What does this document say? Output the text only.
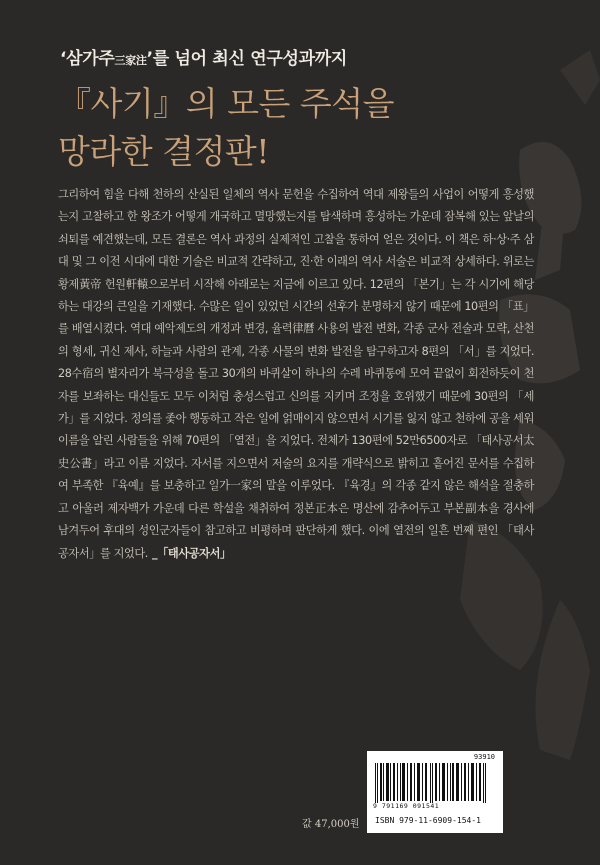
‘삼가주三家注’를 넘어 최신 연구성과까지
『사기』의 모든 주석을
망라한 결정판!
그리하여 힘을 다해 천하의 산실된 일체의 역사 문헌을 수집하여 역대 제왕들의 사업이 어떻게 흥성했는지 고찰하고 한 왕조가 어떻게 개국하고 멸망했는지를 탐색하며 흥성하는 가운데 잠복해 있는 앞날의 쇠퇴를 예견했는데, 모든 결론은 역사 과정의 실제적인 고찰을 통하여 얻은 것이다. 이 책은 하·상·주 삼대 및 그 이전 시대에 대한 기술은 비교적 간략하고, 진·한 이래의 역사 서술은 비교적 상세하다. 위로는 황제黃帝 헌원軒轅으로부터 시작해 아래로는 지금에 이르고 있다. 12편의 「본기」는 각 시기에 해당하는 대강의 큰일을 기재했다. 수많은 일이 있었던 시간의 선후가 분명하지 않기 때문에 10편의 「표」를 배열시켰다. 역대 예악제도의 개정과 변경, 율력律曆 사용의 발전 변화, 각종 군사 전술과 모략, 산천의 형세, 귀신 제사, 하늘과 사람의 관계, 각종 사물의 변화 발전을 탐구하고자 8편의 「서」를 지었다. 28수宿의 별자리가 북극성을 돌고 30개의 바퀴살이 하나의 수레 바퀴통에 모여 끝없이 회전하듯이 천자를 보좌하는 대신들도 모두 이처럼 충성스럽고 신의를 지키며 조정을 호위했기 때문에 30편의 「세가」를 지었다. 정의를 좇아 행동하고 작은 일에 얽매이지 않으면서 시기를 잃지 않고 천하에 공을 세워 이름을 알린 사람들을 위해 70편의 「열전」을 지었다. 전체가 130편에 52만6500자로 「태사공서太史公書」라고 이름 지었다. 자서를 지으면서 저술의 요지를 개략식으로 밝히고 흩어진 문서를 수집하여 부족한 『육예』를 보충하고 일가一家의 말을 이루었다. 『육경』의 각종 같지 않은 해석을 절충하고 아울러 제자백가 가운데 다른 학설을 채취하여 정본正本은 명산에 감추어두고 부본副本을 경사에 남겨두어 후대의 성인군자들이 참고하고 비평하며 판단하게 했다. 이에 열전의 일흔 번째 편인 「태사공자서」를 지었다. _「태사공자서」
93910
9 791169 091541
ISBN 979-11-6909-154-1
값 47,000원
